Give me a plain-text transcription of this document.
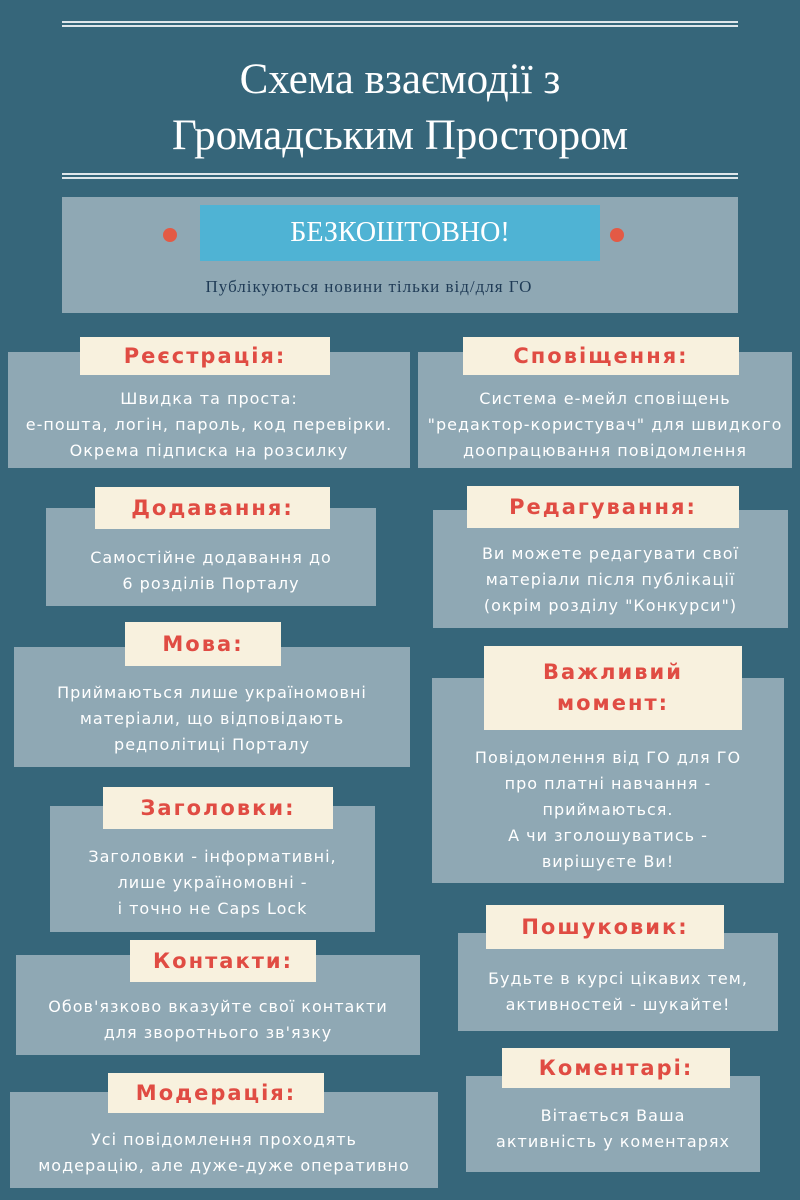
Схема взаємодії з
Громадським Простором
БЕЗКОШТОВНО!
Публікуються новини тільки від/для ГО
Реєстрація:
Швидка та проста:
е-пошта, логін, пароль, код перевірки.
Окрема підписка на розсилку
Додавання:
Самостійне додавання до
6 розділів Порталу
Мова:
Приймаються лише україномовні
матеріали, що відповідають
редполітиці Порталу
Заголовки:
Заголовки - інформативні,
лише україномовні -
і точно не Caps Lock
Контакти:
Обов'язково вказуйте свої контакти
для зворотнього зв'язку
Модерація:
Усі повідомлення проходять
модерацію, але дуже-дуже оперативно
Сповіщення:
Система е-мейл сповіщень
"редактор-користувач" для швидкого
доопрацювання повідомлення
Редагування:
Ви можете редагувати свої
матеріали після публікації
(окрім розділу "Конкурси")
Важливий
момент:
Повідомлення від ГО для ГО
про платні навчання -
приймаються.
А чи зголошуватись -
вирішуєте Ви!
Пошуковик:
Будьте в курсі цікавих тем,
активностей - шукайте!
Коментарі:
Вітається Ваша
активність у коментарях
